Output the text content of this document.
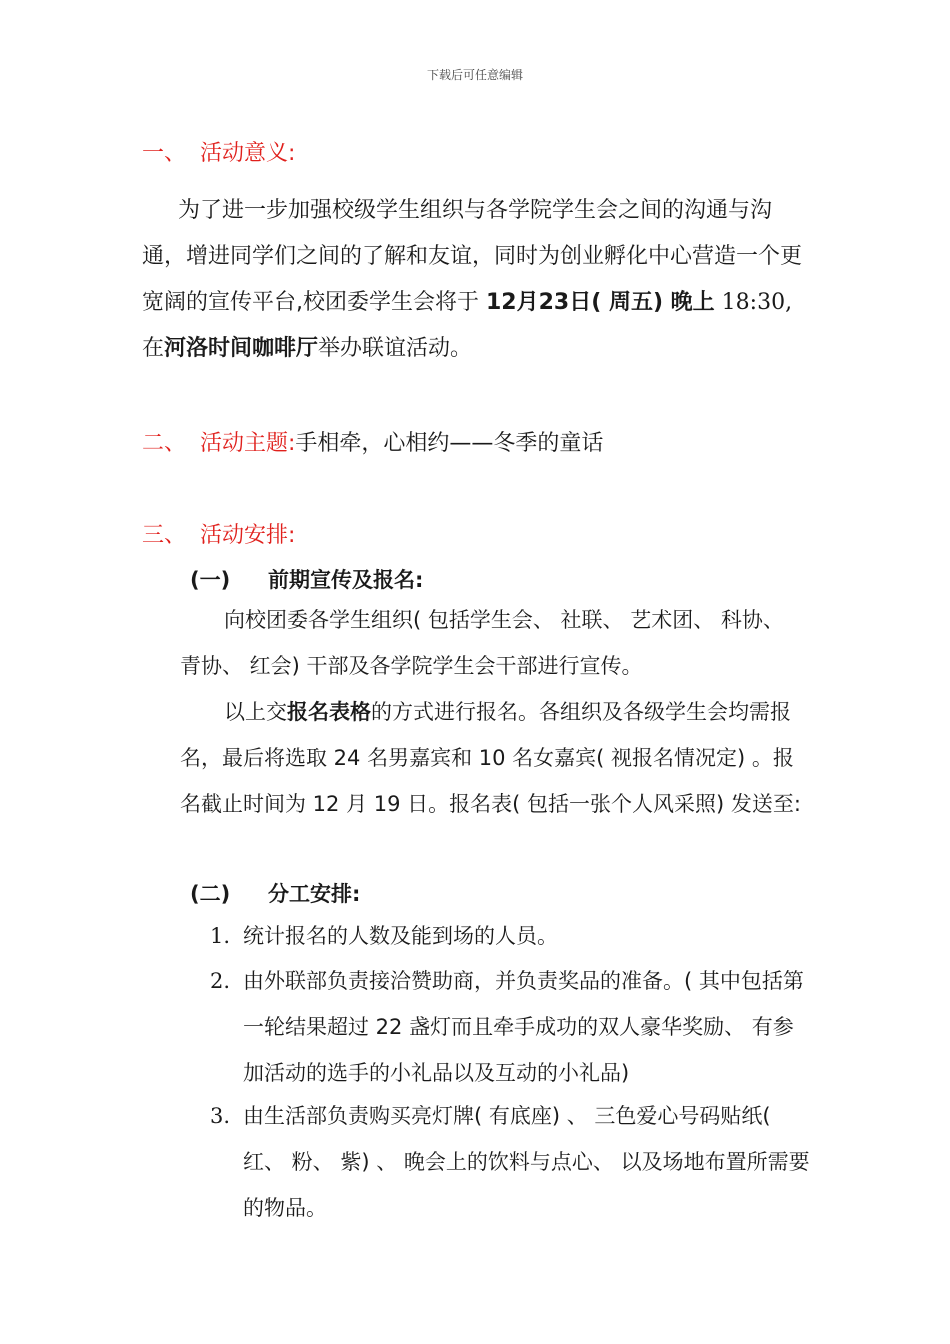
下载后可任意编辑
一、 活动意义:
为了进一步加强校级学生组织与各学院学生会之间的沟通与沟通，增进同学们之间的了解和友谊，同时为创业孵化中心营造一个更宽阔的宣传平台,校团委学生会将于 12月23日( 周五) 晚上 18:30, 在河洛时间咖啡厅举办联谊活动。
二、 活动主题:手相牵，心相约——冬季的童话
三、 活动安排:
(一) 前期宣传及报名:
向校团委各学生组织( 包括学生会、 社联、 艺术团、 科协、 青协、 红会) 干部及各学院学生会干部进行宣传。
以上交报名表格的方式进行报名。各组织及各级学生会均需报名，最后将选取 24 名男嘉宾和 10 名女嘉宾( 视报名情况定) 。报名截止时间为 12 月 19 日。报名表( 包括一张个人风采照) 发送至:
(二) 分工安排:
1. 统计报名的人数及能到场的人员。
2. 由外联部负责接洽赞助商，并负责奖品的准备。( 其中包括第一轮结果超过 22 盏灯而且牵手成功的双人豪华奖励、 有参加活动的选手的小礼品以及互动的小礼品)
3. 由生活部负责购买亮灯牌( 有底座) 、 三色爱心号码贴纸( 红、 粉、 紫) 、 晚会上的饮料与点心、 以及场地布置所需要的物品。
